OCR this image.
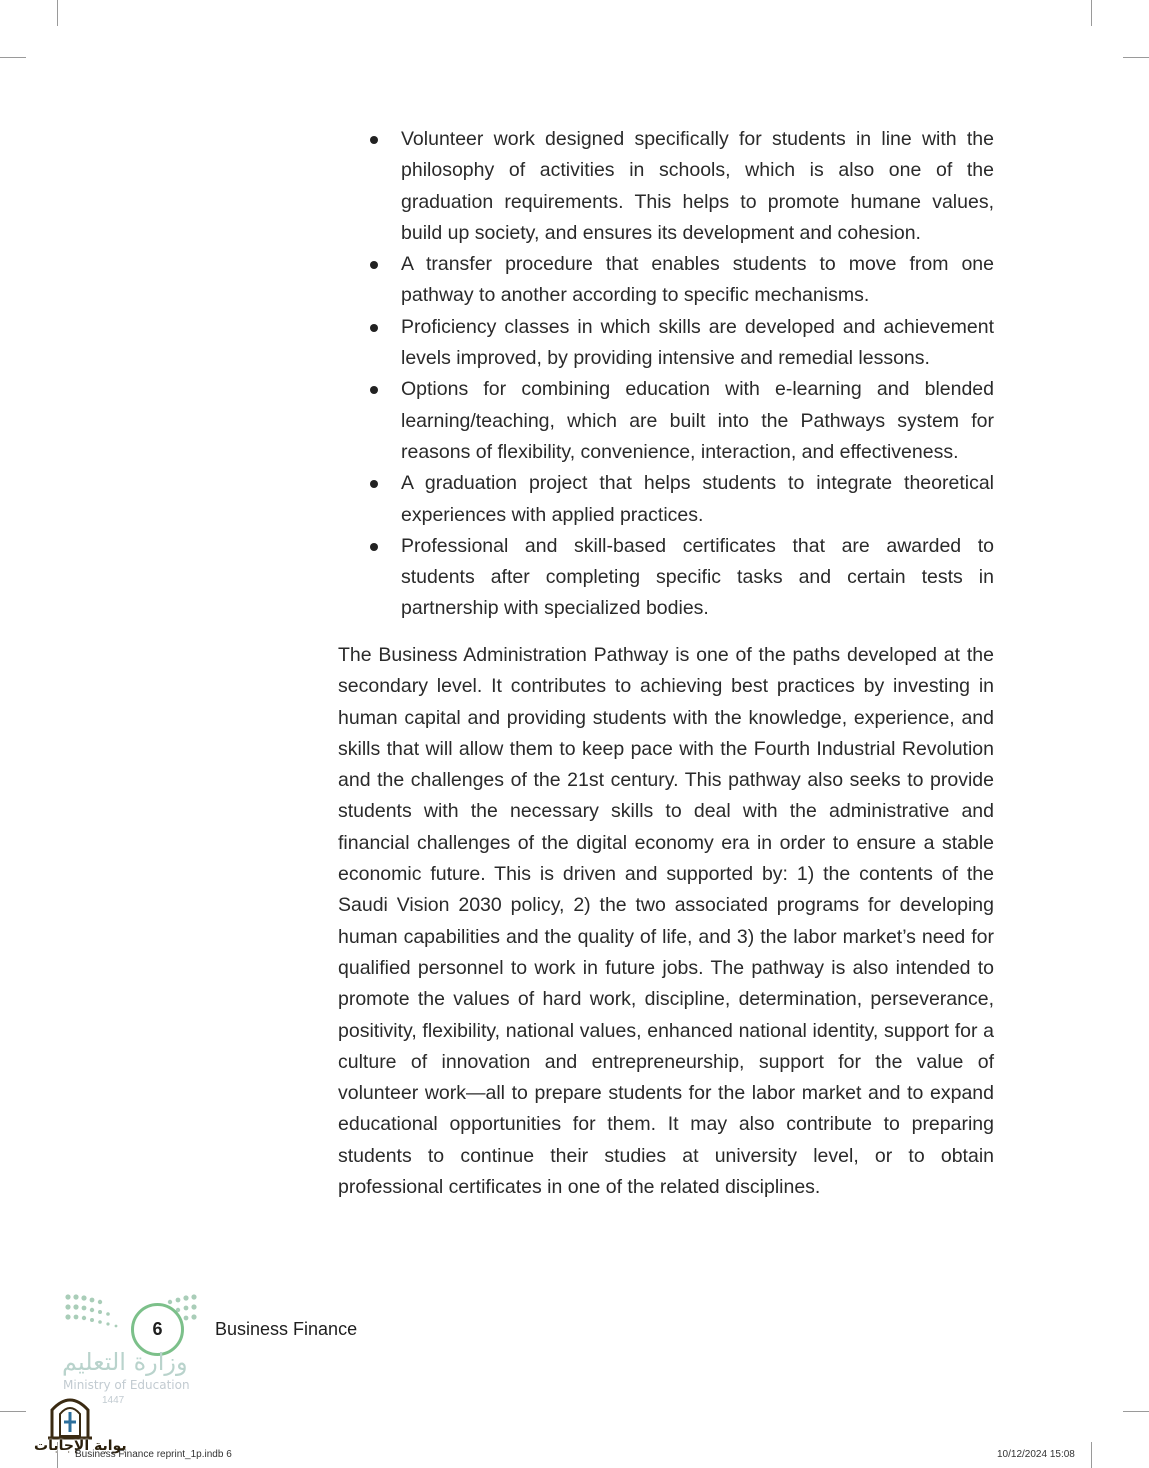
Volunteer work designed specifically for students in line with the philosophy of activities in schools, which is also one of the graduation requirements. This helps to promote humane values, build up society, and ensures its development and cohesion.
A transfer procedure that enables students to move from one pathway to another according to specific mechanisms.
Proficiency classes in which skills are developed and achievement levels improved, by providing intensive and remedial lessons.
Options for combining education with e-learning and blended learning/teaching, which are built into the Pathways system for reasons of flexibility, convenience, interaction, and effectiveness.
A graduation project that helps students to integrate theoretical experiences with applied practices.
Professional and skill-based certificates that are awarded to students after completing specific tasks and certain tests in partnership with specialized bodies.

The Business Administration Pathway is one of the paths developed at the secondary level. It contributes to achieving best practices by investing in human capital and providing students with the knowledge, experience, and skills that will allow them to keep pace with the Fourth Industrial Revolution and the challenges of the 21st century. This pathway also seeks to provide students with the necessary skills to deal with the administrative and financial challenges of the digital economy era in order to ensure a stable economic future. This is driven and supported by: 1) the contents of the Saudi Vision 2030 policy, 2) the two associated programs for developing human capabilities and the quality of life, and 3) the labor market’s need for qualified personnel to work in future jobs. The pathway is also intended to promote the values of hard work, discipline, determination, perseverance, positivity, flexibility, national values, enhanced national identity, support for a culture of innovation and entrepreneurship, support for the value of volunteer work—all to prepare students for the labor market and to expand educational opportunities for them. It may also contribute to preparing students to continue their studies at university level, or to obtain professional certificates in one of the related disciplines.

6	Business Finance
وزارة التعليم
Ministry of Education
1447
بوابة الإجابات
Business Finance reprint_1p.indb 6	10/12/2024 15:08
